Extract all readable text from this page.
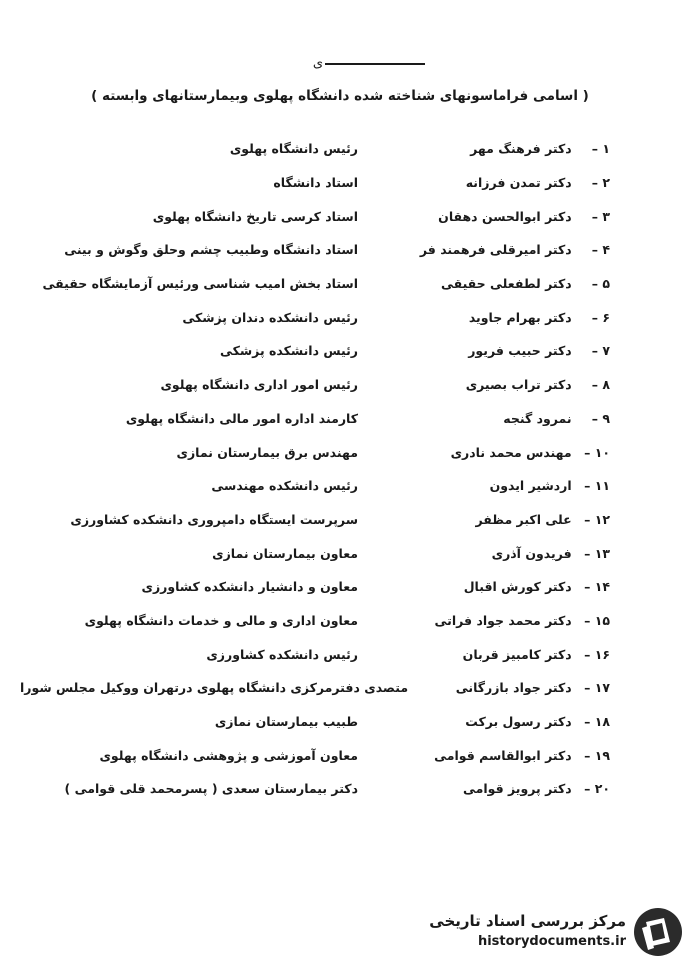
ی
( اسامی فراماسونهای شناخته شده دانشگاه پهلوی وبیمارستانهای وابسته )
۱ – دکتر فرهنگ مهر
رئیس دانشگاه پهلوی
۲ – دکتر تمدن فرزانه
استاد دانشگاه
۳ – دکتر ابوالحسن دهقان
استاد کرسی تاریخ دانشگاه پهلوی
۴ – دکتر امیرقلی فرهمند فر
استاد دانشگاه وطبیب چشم وحلق وگوش و بینی
۵ – دکتر لطفعلی حقیقی
استاد بخش امیب شناسی ورئیس آزمایشگاه حقیقی
۶ – دکتر بهرام جاوید
رئیس دانشکده دندان پزشکی
۷ – دکتر حبیب فریور
رئیس دانشکده پزشکی
۸ – دکتر تراب بصیری
رئیس امور اداری دانشگاه پهلوی
۹ – نمرود گنجه
کارمند اداره امور مالی دانشگاه پهلوی
۱۰ – مهندس محمد نادری
مهندس برق بیمارستان نمازی
۱۱ – اردشیر ایدون
رئیس دانشکده مهندسی
۱۲ – علی اکبر مظفر
سرپرست ایستگاه دامپروری دانشکده کشاورزی
۱۳ – فریدون آذری
معاون بیمارستان نمازی
۱۴ – دکتر کورش اقبال
معاون و دانشیار دانشکده کشاورزی
۱۵ – دکتر محمد جواد فراتی
معاون اداری و مالی و خدمات دانشگاه پهلوی
۱۶ – دکتر کامبیز قربان
رئیس دانشکده کشاورزی
۱۷ – دکتر جواد بازرگانی
متصدی دفترمرکزی دانشگاه پهلوی درتهران ووکیل مجلس شورا
۱۸ – دکتر رسول برکت
طبیب بیمارستان نمازی
۱۹ – دکتر ابوالقاسم قوامی
معاون آموزشی و پژوهشی دانشگاه پهلوی
۲۰ – دکتر پرویز قوامی
دکتر بیمارستان سعدی ( پسرمحمد قلی قوامی )
مرکز بررسی اسناد تاریخی
historydocuments.ir
